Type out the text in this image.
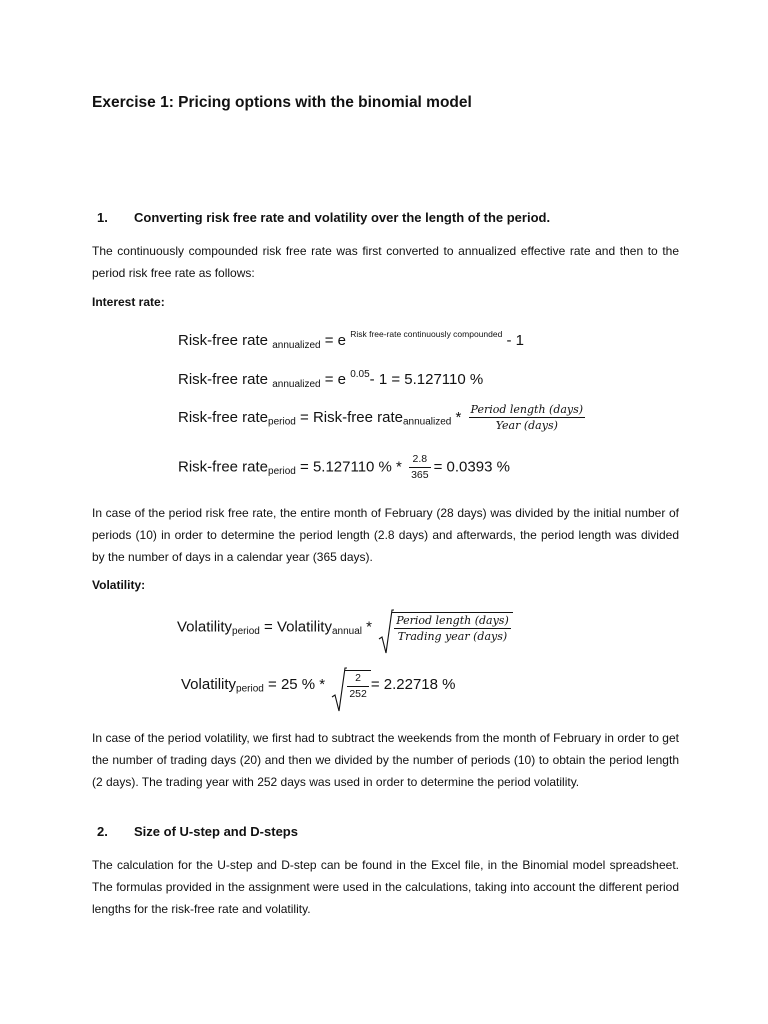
Exercise 1: Pricing options with the binomial model
1. Converting risk free rate and volatility over the length of the period.
The continuously compounded risk free rate was first converted to annualized effective rate and then to the period risk free rate as follows:
Interest rate:
Risk-free rate $_{annualized}$ = e $^{Risk free-rate continuously compounded}$ - 1
Risk-free rate $_{annualized}$ = e $^{0.05}$- 1 = 5.127110 %
Risk-free rate$_{period}$ = Risk-free rate$_{annualized}$ * $\frac{\text{Period length (days)}}{\text{Year (days)}}$
Risk-free rate$_{period}$ = 5.127110 % * $\frac{2.8}{365} = 0.0393$ %
In case of the period risk free rate, the entire month of February (28 days) was divided by the initial number of periods (10) in order to determine the period length (2.8 days) and afterwards, the period length was divided by the number of days in a calendar year (365 days).
Volatility:
Volatility$_{period}$ = Volatility$_{annual}$ * $\frac{\text{Period length (days)}}{\text{Trading year (days)}}$
Volatility$_{period}$ = 25 % * $\frac{2}{252} = 2.22718$ %
In case of the period volatility, we first had to subtract the weekends from the month of February in order to get the number of trading days (20) and then we divided by the number of periods (10) to obtain the period length (2 days). The trading year with 252 days was used in order to determine the period volatility.
2. Size of U-step and D-steps
The calculation for the U-step and D-step can be found in the Excel file, in the Binomial model spreadsheet. The formulas provided in the assignment were used in the calculations, taking into account the different period lengths for the risk-free rate and volatility.
